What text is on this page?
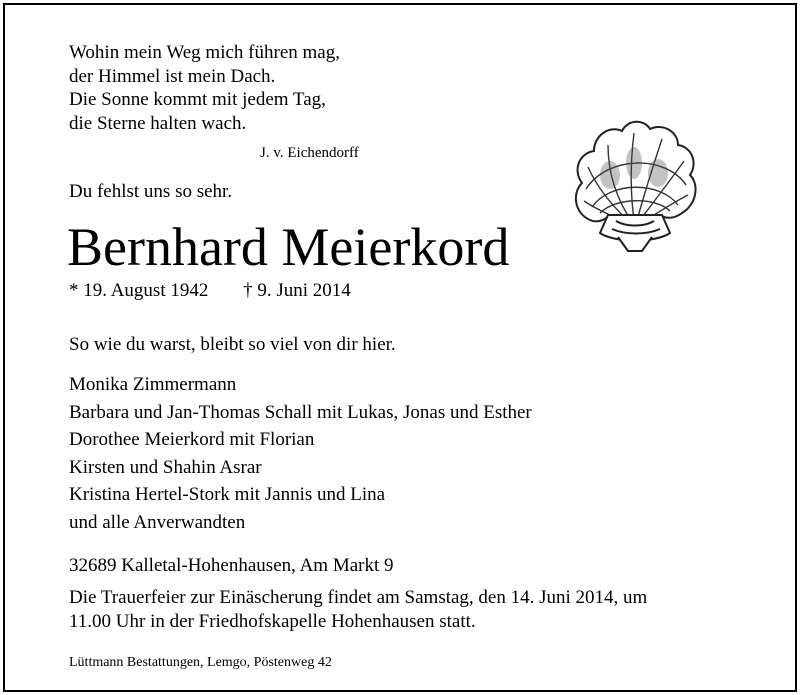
Wohin mein Weg mich führen mag,
der Himmel ist mein Dach.
Die Sonne kommt mit jedem Tag,
die Sterne halten wach.
J. v. Eichendorff
Du fehlst uns so sehr.
Bernhard Meierkord
* 19. August 1942 † 9. Juni 2014
So wie du warst, bleibt so viel von dir hier.
Monika Zimmermann
Barbara und Jan-Thomas Schall mit Lukas, Jonas und Esther
Dorothee Meierkord mit Florian
Kirsten und Shahin Asrar
Kristina Hertel-Stork mit Jannis und Lina
und alle Anverwandten
32689 Kalletal-Hohenhausen, Am Markt 9
Die Trauerfeier zur Einäscherung findet am Samstag, den 14. Juni 2014, um
11.00 Uhr in der Friedhofskapelle Hohenhausen statt.
Lüttmann Bestattungen, Lemgo, Pöstenweg 42
